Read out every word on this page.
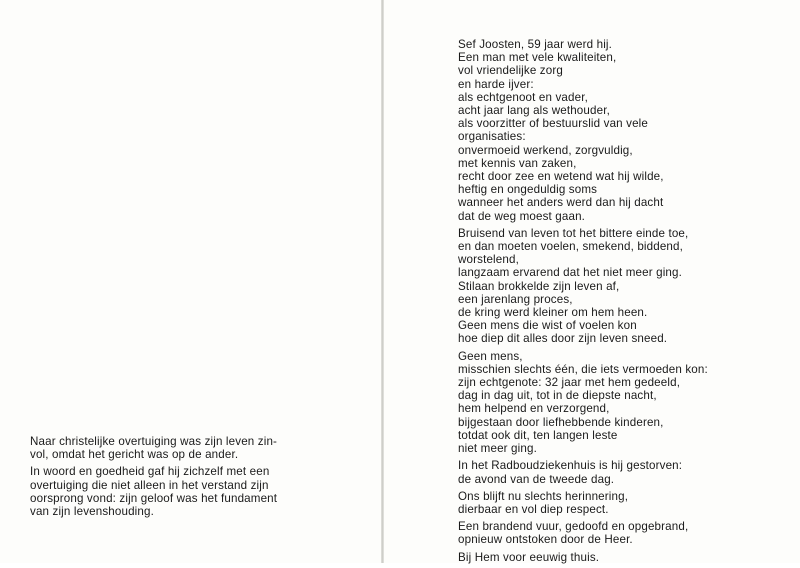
Naar christelijke overtuiging was zijn leven zin-
vol, omdat het gericht was op de ander.

In woord en goedheid gaf hij zichzelf met een
overtuiging die niet alleen in het verstand zijn
oorsprong vond: zijn geloof was het fundament
van zijn levenshouding.

Sef Joosten, 59 jaar werd hij.
Een man met vele kwaliteiten,
vol vriendelijke zorg
en harde ijver:
als echtgenoot en vader,
acht jaar lang als wethouder,
als voorzitter of bestuurslid van vele
organisaties:
onvermoeid werkend, zorgvuldig,
met kennis van zaken,
recht door zee en wetend wat hij wilde,
heftig en ongeduldig soms
wanneer het anders werd dan hij dacht
dat de weg moest gaan.

Bruisend van leven tot het bittere einde toe,
en dan moeten voelen, smekend, biddend,
worstelend,
langzaam ervarend dat het niet meer ging.
Stilaan brokkelde zijn leven af,
een jarenlang proces,
de kring werd kleiner om hem heen.
Geen mens die wist of voelen kon
hoe diep dit alles door zijn leven sneed.

Geen mens,
misschien slechts één, die iets vermoeden kon:
zijn echtgenote: 32 jaar met hem gedeeld,
dag in dag uit, tot in de diepste nacht,
hem helpend en verzorgend,
bijgestaan door liefhebbende kinderen,
totdat ook dit, ten langen leste
niet meer ging.

In het Radboudziekenhuis is hij gestorven:
de avond van de tweede dag.

Ons blijft nu slechts herinnering,
dierbaar en vol diep respect.

Een brandend vuur, gedoofd en opgebrand,
opnieuw ontstoken door de Heer.

Bij Hem voor eeuwig thuis.
